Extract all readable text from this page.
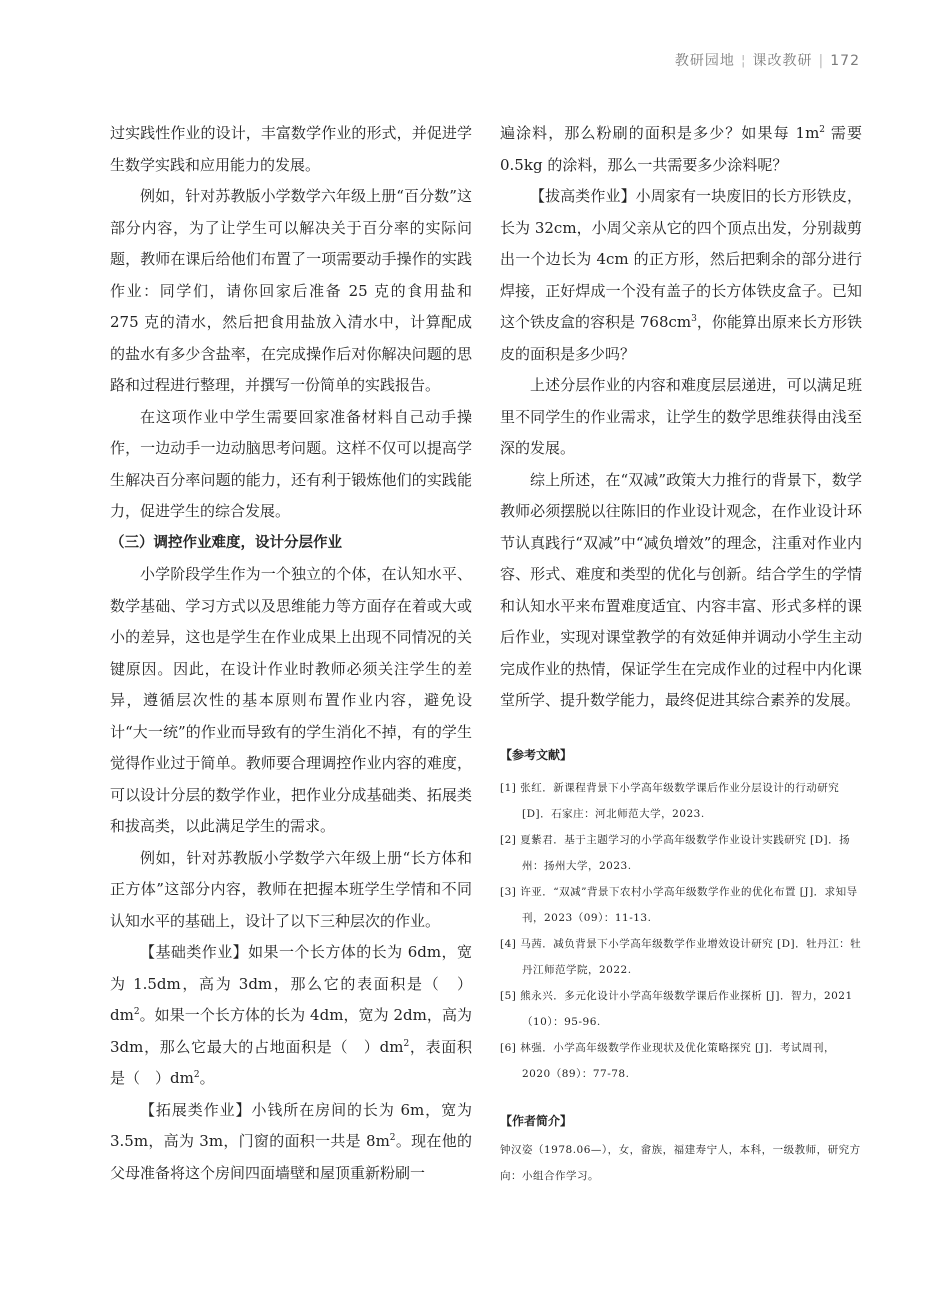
教研园地 ¦ 课改教研 | 172

过实践性作业的设计，丰富数学作业的形式，并促进学生数学实践和应用能力的发展。

例如，针对苏教版小学数学六年级上册“百分数”这部分内容，为了让学生可以解决关于百分率的实际问题，教师在课后给他们布置了一项需要动手操作的实践作业：同学们，请你回家后准备 25 克的食用盐和 275 克的清水，然后把食用盐放入清水中，计算配成的盐水有多少含盐率，在完成操作后对你解决问题的思路和过程进行整理，并撰写一份简单的实践报告。

在这项作业中学生需要回家准备材料自己动手操作，一边动手一边动脑思考问题。这样不仅可以提高学生解决百分率问题的能力，还有利于锻炼他们的实践能力，促进学生的综合发展。

（三）调控作业难度，设计分层作业

小学阶段学生作为一个独立的个体，在认知水平、数学基础、学习方式以及思维能力等方面存在着或大或小的差异，这也是学生在作业成果上出现不同情况的关键原因。因此，在设计作业时教师必须关注学生的差异，遵循层次性的基本原则布置作业内容，避免设计“大一统”的作业而导致有的学生消化不掉，有的学生觉得作业过于简单。教师要合理调控作业内容的难度，可以设计分层的数学作业，把作业分成基础类、拓展类和拔高类，以此满足学生的需求。

例如，针对苏教版小学数学六年级上册“长方体和正方体”这部分内容，教师在把握本班学生学情和不同认知水平的基础上，设计了以下三种层次的作业。

【基础类作业】如果一个长方体的长为 6dm，宽为 1.5dm，高为 3dm，那么它的表面积是（　）$dm^2$。如果一个长方体的长为 4dm，宽为 2dm，高为 3dm，那么它最大的占地面积是（　）$dm^2$，表面积是（　）$dm^2$。

【拓展类作业】小钱所在房间的长为 6m，宽为 3.5m，高为 3m，门窗的面积一共是 $8m^2$。现在他的父母准备将这个房间四面墙壁和屋顶重新粉刷一

遍涂料，那么粉刷的面积是多少？如果每 $1m^2$ 需要 0.5kg 的涂料，那么一共需要多少涂料呢？

【拔高类作业】小周家有一块废旧的长方形铁皮，长为 32cm，小周父亲从它的四个顶点出发，分别裁剪出一个边长为 4cm 的正方形，然后把剩余的部分进行焊接，正好焊成一个没有盖子的长方体铁皮盒子。已知这个铁皮盒的容积是 $768cm^3$，你能算出原来长方形铁皮的面积是多少吗？

上述分层作业的内容和难度层层递进，可以满足班里不同学生的作业需求，让学生的数学思维获得由浅至深的发展。

综上所述，在“双减”政策大力推行的背景下，数学教师必须摆脱以往陈旧的作业设计观念，在作业设计环节认真践行“双减”中“减负增效”的理念，注重对作业内容、形式、难度和类型的优化与创新。结合学生的学情和认知水平来布置难度适宜、内容丰富、形式多样的课后作业，实现对课堂教学的有效延伸并调动小学生主动完成作业的热情，保证学生在完成作业的过程中内化课堂所学、提升数学能力，最终促进其综合素养的发展。

【参考文献】
[1] 张红．新课程背景下小学高年级数学课后作业分层设计的行动研究 [D]．石家庄：河北师范大学，2023.
[2] 夏紫君．基于主题学习的小学高年级数学作业设计实践研究 [D]．扬州：扬州大学，2023.
[3] 许亚．“双减”背景下农村小学高年级数学作业的优化布置 [J]．求知导刊，2023（09）：11-13.
[4] 马茜．减负背景下小学高年级数学作业增效设计研究 [D]．牡丹江：牡丹江师范学院，2022.
[5] 熊永兴．多元化设计小学高年级数学课后作业探析 [J]．智力，2021（10）：95-96.
[6] 林强．小学高年级数学作业现状及优化策略探究 [J]．考试周刊，2020（89）：77-78.
【作者简介】
钟汉姿（1978.06—），女，畲族，福建寿宁人，本科，一级教师，研究方向：小组合作学习。
